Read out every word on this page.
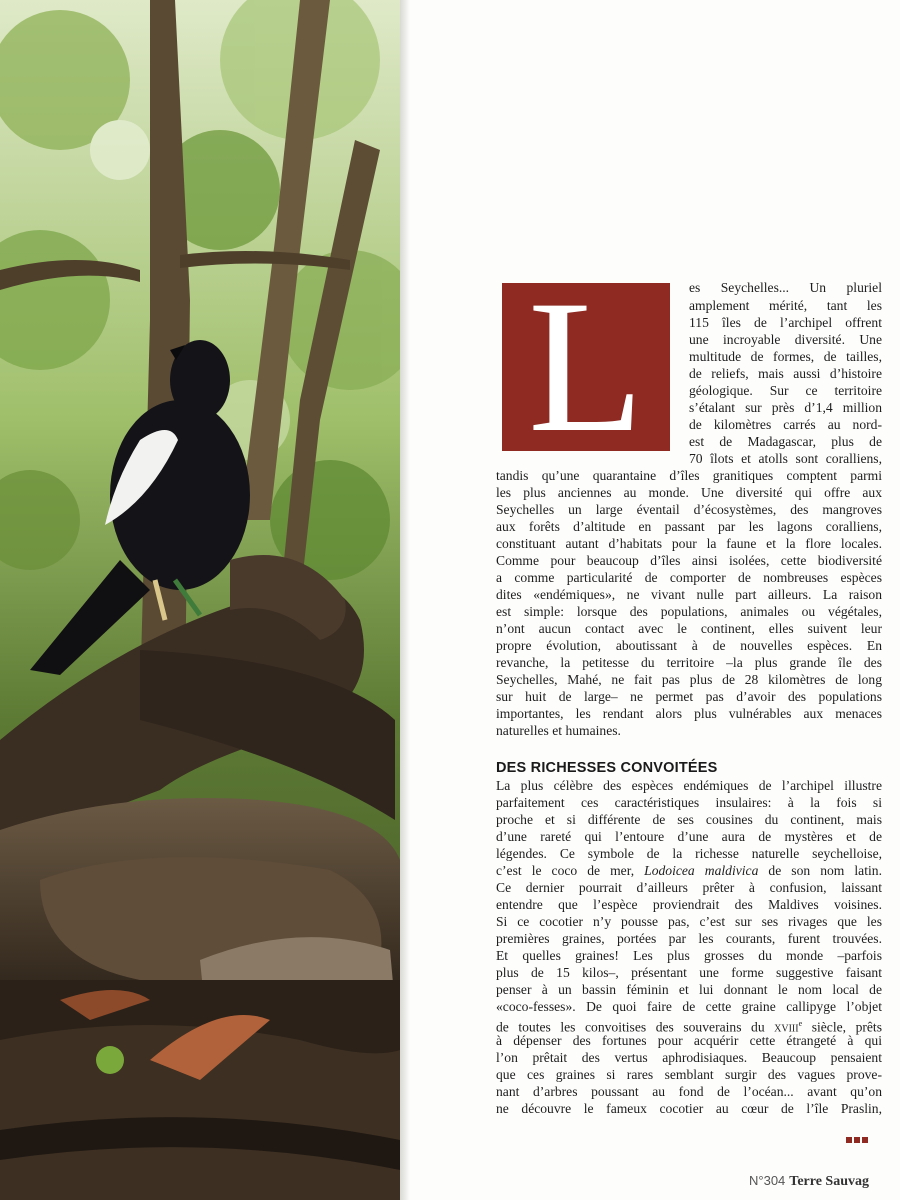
L	es Seychelles... Un pluriel
amplement mérité, tant les
115 îles de l’archipel offrent
une incroyable diversité. Une
multitude de formes, de tailles,
de reliefs, mais aussi d’histoire
géologique. Sur ce territoire
s’étalant sur près d’1,4 million
de kilomètres carrés au nord-
est de Madagascar, plus de
70 îlots et atolls sont coralliens,
tandis qu’une quarantaine d’îles granitiques comptent parmi
les plus anciennes au monde. Une diversité qui offre aux
Seychelles un large éventail d’écosystèmes, des mangroves
aux forêts d’altitude en passant par les lagons coralliens,
constituant autant d’habitats pour la faune et la flore locales.
Comme pour beaucoup d’îles ainsi isolées, cette biodiversité
a comme particularité de comporter de nombreuses espèces
dites «endémiques», ne vivant nulle part ailleurs. La raison
est simple: lorsque des populations, animales ou végétales,
n’ont aucun contact avec le continent, elles suivent leur
propre évolution, aboutissant à de nouvelles espèces. En
revanche, la petitesse du territoire –la plus grande île des
Seychelles, Mahé, ne fait pas plus de 28 kilomètres de long
sur huit de large– ne permet pas d’avoir des populations
importantes, les rendant alors plus vulnérables aux menaces
naturelles et humaines.
DES RICHESSES CONVOITÉES
La plus célèbre des espèces endémiques de l’archipel illustre
parfaitement ces caractéristiques insulaires: à la fois si
proche et si différente de ses cousines du continent, mais
d’une rareté qui l’entoure d’une aura de mystères et de
légendes. Ce symbole de la richesse naturelle seychelloise,
c’est le coco de mer, Lodoicea maldivica de son nom latin.
Ce dernier pourrait d’ailleurs prêter à confusion, laissant
entendre que l’espèce proviendrait des Maldives voisines.
Si ce cocotier n’y pousse pas, c’est sur ses rivages que les
premières graines, portées par les courants, furent trouvées.
Et quelles graines! Les plus grosses du monde –parfois
plus de 15 kilos–, présentant une forme suggestive faisant
penser à un bassin féminin et lui donnant le nom local de
«coco-fesses». De quoi faire de cette graine callipyge l’objet
de toutes les convoitises des souverains du xviii$^e$ siècle, prêts
à dépenser des fortunes pour acquérir cette étrangeté à qui
l’on prêtait des vertus aphrodisiaques. Beaucoup pensaient
que ces graines si rares semblant surgir des vagues prove-
nant d’arbres poussant au fond de l’océan... avant qu’on
ne découvre le fameux cocotier au cœur de l’île Praslin,
N°304 Terre Sauvag
